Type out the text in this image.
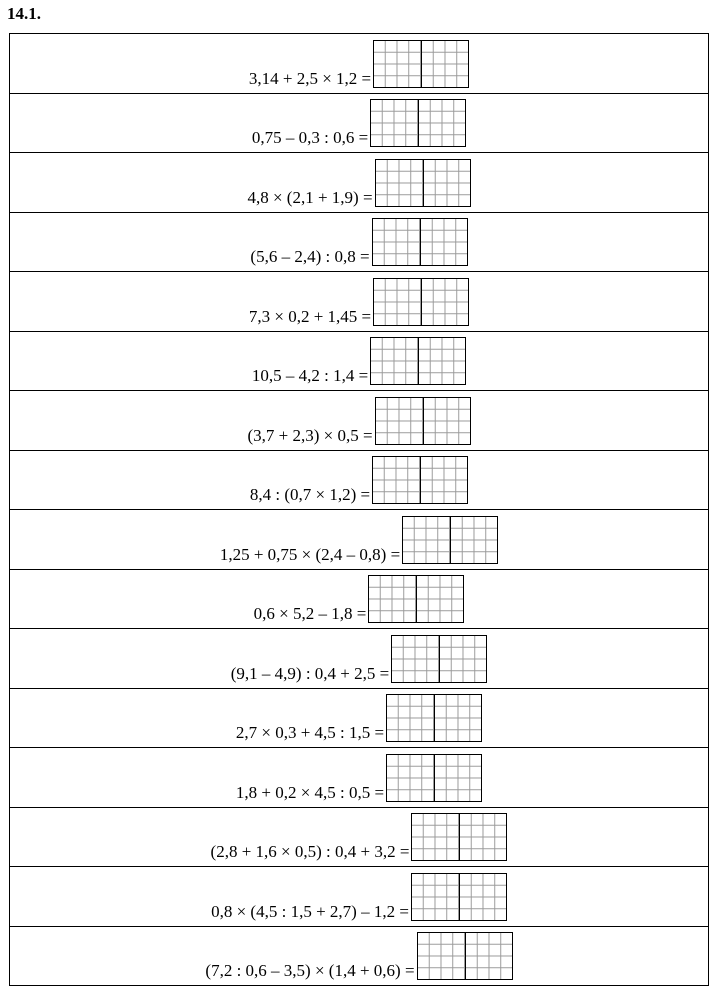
14.1.
3,14 + 2,5 × 1,2 =
0,75 – 0,3 : 0,6 =
4,8 × (2,1 + 1,9) =
(5,6 – 2,4) : 0,8 =
7,3 × 0,2 + 1,45 =
10,5 – 4,2 : 1,4 =
(3,7 + 2,3) × 0,5 =
8,4 : (0,7 × 1,2) =
1,25 + 0,75 × (2,4 – 0,8) =
0,6 × 5,2 – 1,8 =
(9,1 – 4,9) : 0,4 + 2,5 =
2,7 × 0,3 + 4,5 : 1,5 =
1,8 + 0,2 × 4,5 : 0,5 =
(2,8 + 1,6 × 0,5) : 0,4 + 3,2 =
0,8 × (4,5 : 1,5 + 2,7) – 1,2 =
(7,2 : 0,6 – 3,5) × (1,4 + 0,6) =
